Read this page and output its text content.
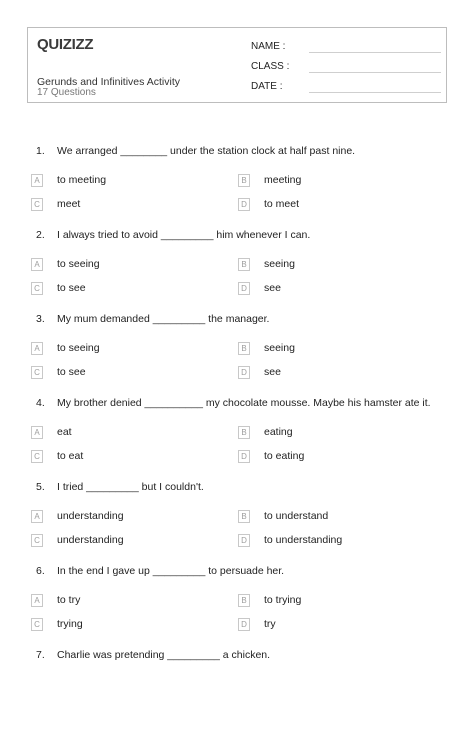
QUIZIZZ
Gerunds and Infinitives Activity
17 Questions
NAME :
CLASS :
DATE :
1. We arranged ________ under the station clock at half past nine.
A	to meeting	B	meeting
C meet	D to meet
2. I always tried to avoid _________ him whenever I can.
A	to seeing	B	seeing
C to see	D see
3. My mum demanded _________ the manager.
A	to seeing	B	seeing
C to see	D see
4. My brother denied __________ my chocolate mousse. Maybe his hamster ate it.
A	eat	B	eating
C to eat	D to eating
5. I tried _________ but I couldn't.
A	understanding	B	to understand
C understanding	D to understanding
6. In the end I gave up _________ to persuade her.
A	to try	B	to trying
C trying	D try
7. Charlie was pretending _________ a chicken.
